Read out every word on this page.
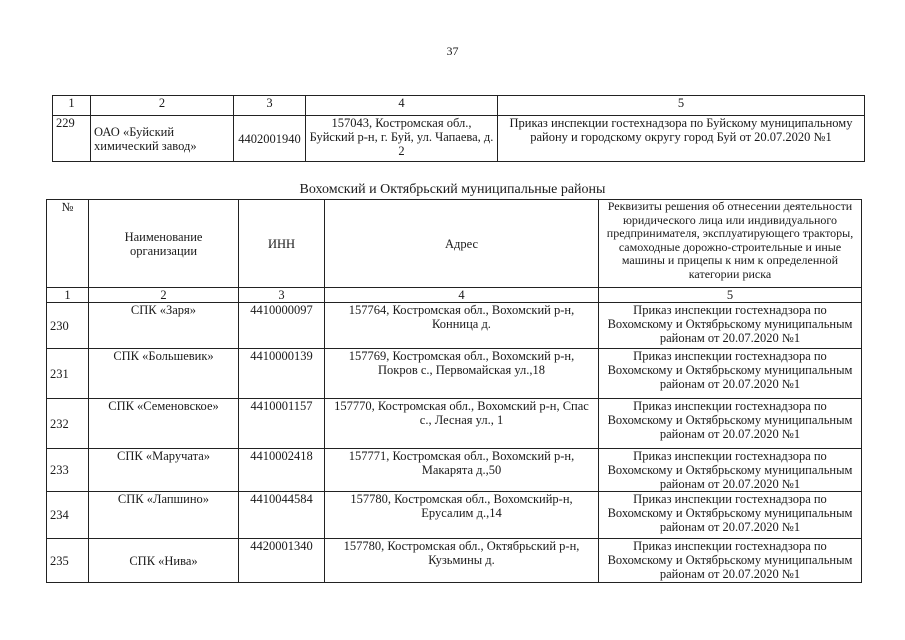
37
1	2	3	4	5
229	ОАО «Буйский химический завод»	4402001940	157043, Костромская обл., Буйский р-н, г. Буй, ул. Чапаева, д. 2	Приказ инспекции гостехнадзора по Буйскому муниципальному району и городскому округу город Буй от 20.07.2020 №1
Вохомский и Октябрьский муниципальные районы
№	Наименование организации	ИНН	Адрес	Реквизиты решения об отнесении деятельности юридического лица или индивидуального предпринимателя, эксплуатирующего тракторы, самоходные дорожно-строительные и иные машины и прицепы к ним к определенной категории риска
1	2	3	4	5
230	СПК «Заря»	4410000097	157764, Костромская обл., Вохомский р-н, Конница д.	Приказ инспекции гостехнадзора по Вохомскому и Октябрьскому муниципальным районам от 20.07.2020 №1
231	СПК «Большевик»	4410000139	157769, Костромская обл., Вохомский р-н, Покров с., Первомайская ул.,18	Приказ инспекции гостехнадзора по Вохомскому и Октябрьскому муниципальным районам от 20.07.2020 №1
232	СПК «Семеновское»	4410001157	157770, Костромская обл., Вохомский р-н, Спас с., Лесная ул., 1	Приказ инспекции гостехнадзора по Вохомскому и Октябрьскому муниципальным районам от 20.07.2020 №1
233	СПК «Маручата»	4410002418	157771, Костромская обл., Вохомский р-н, Макарята д.,50	Приказ инспекции гостехнадзора по Вохомскому и Октябрьскому муниципальным районам от 20.07.2020 №1
234	СПК «Лапшино»	4410044584	157780, Костромская обл., Вохомскийр-н, Ерусалим д.,14	Приказ инспекции гостехнадзора по Вохомскому и Октябрьскому муниципальным районам от 20.07.2020 №1
235	СПК «Нива»	4420001340	157780, Костромская обл., Октябрьский р-н, Кузьмины д.	Приказ инспекции гостехнадзора по Вохомскому и Октябрьскому муниципальным районам от 20.07.2020 №1
